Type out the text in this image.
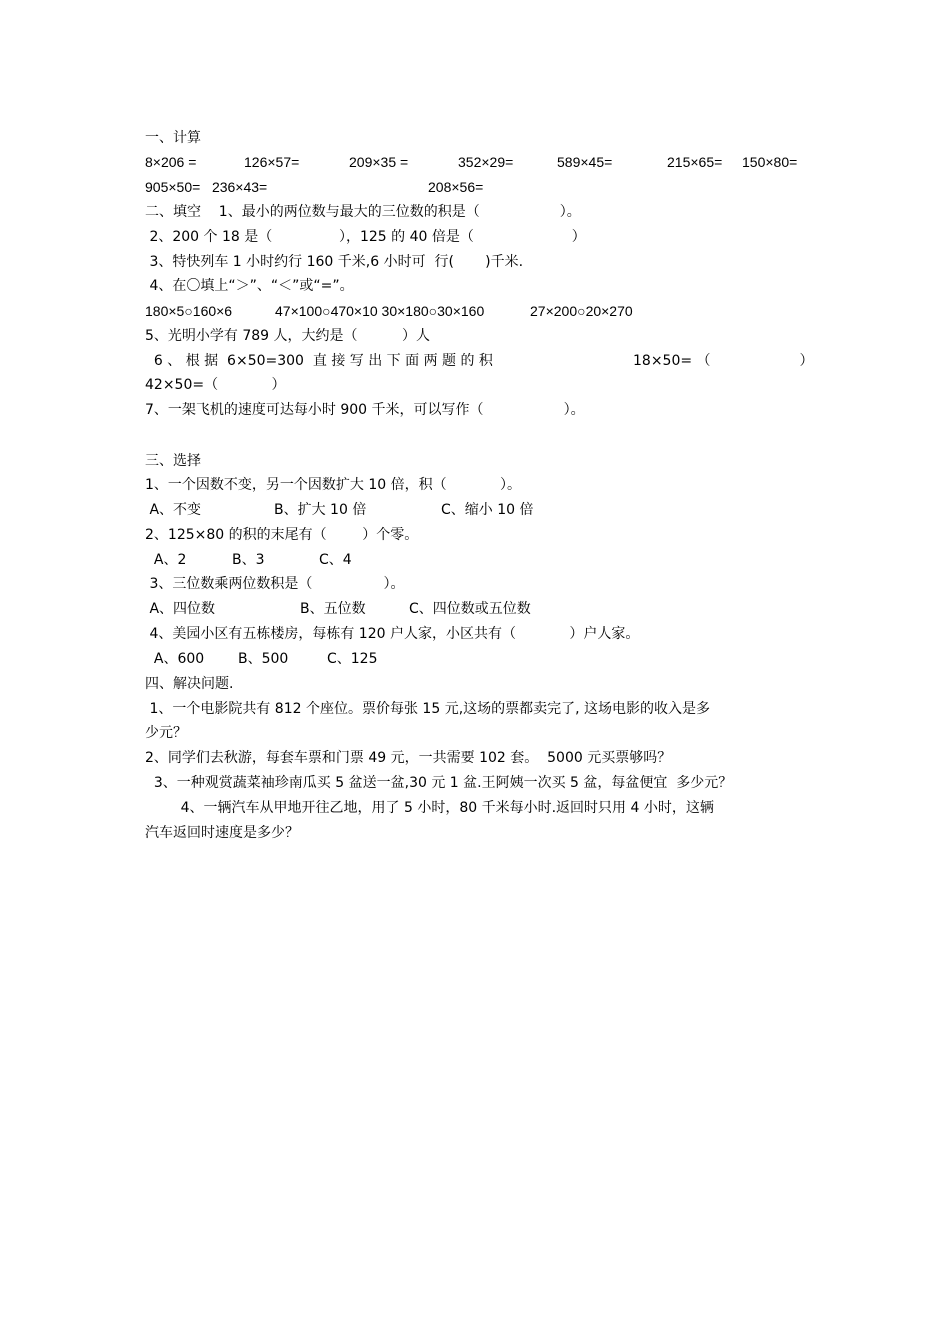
一、计算
8×206 =	126×57=	209×35 =	352×29=	589×45=	215×65= 150×80=
905×50=   236×43=	208×56=
二、填空    1、最小的两位数与最大的三位数的积是（                  ）。
2、200 个 18 是（               ），125 的 40 倍是（                      ）
3、特快列车 1 小时约行 160 千米,6 小时可  行(       )千米.
4、在〇填上“＞”、“＜”或“=”。
180×5○160×6	47×100○470×10 30×180○30×160	27×200○20×270
5、光明小学有 789 人，大约是（          ）人
6 、 根 据  6×50=300  直 接 写 出 下 面 两 题 的 积	18×50= （                    ）
42×50=（            ）
7、一架飞机的速度可达每小时 900 千米，可以写作（                  ）。
三、选择
1、一个因数不变，另一个因数扩大 10 倍，积（            ）。
A、不变	B、扩大 10 倍	C、缩小 10 倍
2、125×80 的积的末尾有（        ）个零。
A、2	B、3	C、4
3、三位数乘两位数积是（                ）。
A、四位数	B、五位数	C、四位数或五位数
4、美园小区有五栋楼房，每栋有 120 户人家，小区共有（            ）户人家。
A、600 B、500	C、125
四、解决问题.
1、一个电影院共有 812 个座位。票价每张 15 元,这场的票都卖完了, 这场电影的收入是多
少元？
2、同学们去秋游，每套车票和门票 49 元，一共需要 102 套。  5000 元买票够吗？
3、一种观赏蔬菜袖珍南瓜买 5 盆送一盆,30 元 1 盆.王阿姨一次买 5 盆，每盆便宜  多少元？
4、一辆汽车从甲地开往乙地，用了 5 小时，80 千米每小时.返回时只用 4 小时，这辆
汽车返回时速度是多少？
